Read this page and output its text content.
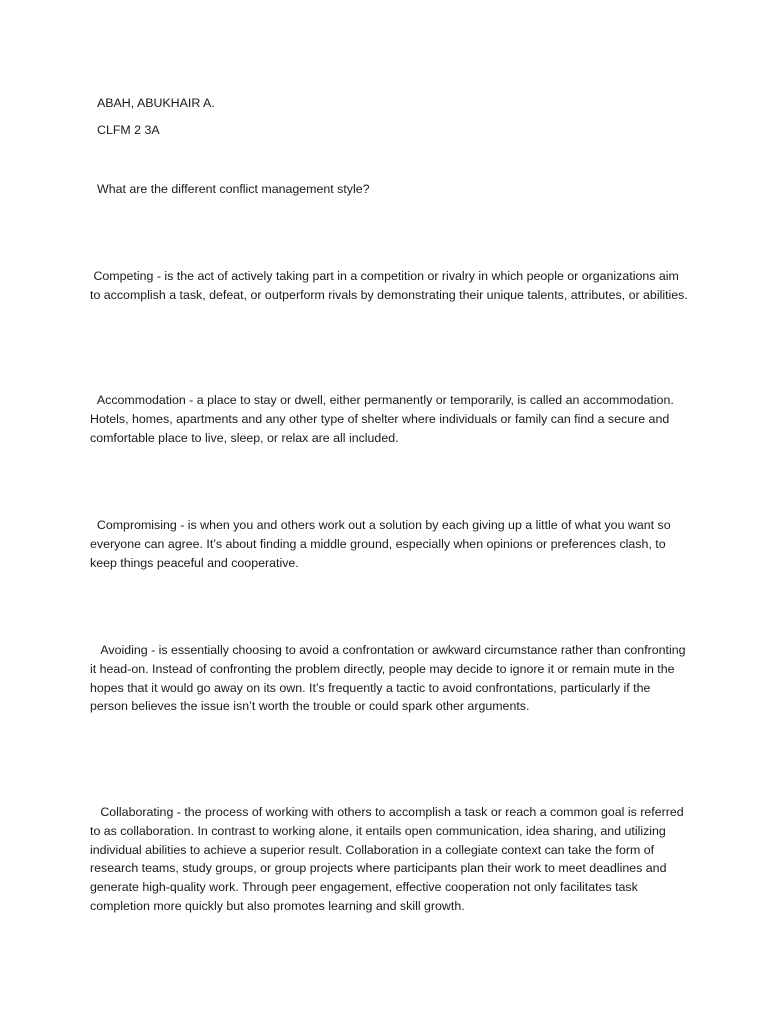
ABAH, ABUKHAIR A.
CLFM 2 3A
What are the different conflict management style?
Competing - is the act of actively taking part in a competition or rivalry in which people or organizations aim to accomplish a task, defeat, or outperform rivals by demonstrating their unique talents, attributes, or abilities.
Accommodation - a place to stay or dwell, either permanently or temporarily, is called an accommodation. Hotels, homes, apartments and any other type of shelter where individuals or family can find a secure and comfortable place to live, sleep, or relax are all included.
Compromising - is when you and others work out a solution by each giving up a little of what you want so everyone can agree. It’s about finding a middle ground, especially when opinions or preferences clash, to keep things peaceful and cooperative.
Avoiding - is essentially choosing to avoid a confrontation or awkward circumstance rather than confronting it head-on. Instead of confronting the problem directly, people may decide to ignore it or remain mute in the hopes that it would go away on its own. It’s frequently a tactic to avoid confrontations, particularly if the person believes the issue isn’t worth the trouble or could spark other arguments.
Collaborating - the process of working with others to accomplish a task or reach a common goal is referred to as collaboration. In contrast to working alone, it entails open communication, idea sharing, and utilizing individual abilities to achieve a superior result. Collaboration in a collegiate context can take the form of research teams, study groups, or group projects where participants plan their work to meet deadlines and generate high-quality work. Through peer engagement, effective cooperation not only facilitates task completion more quickly but also promotes learning and skill growth.
